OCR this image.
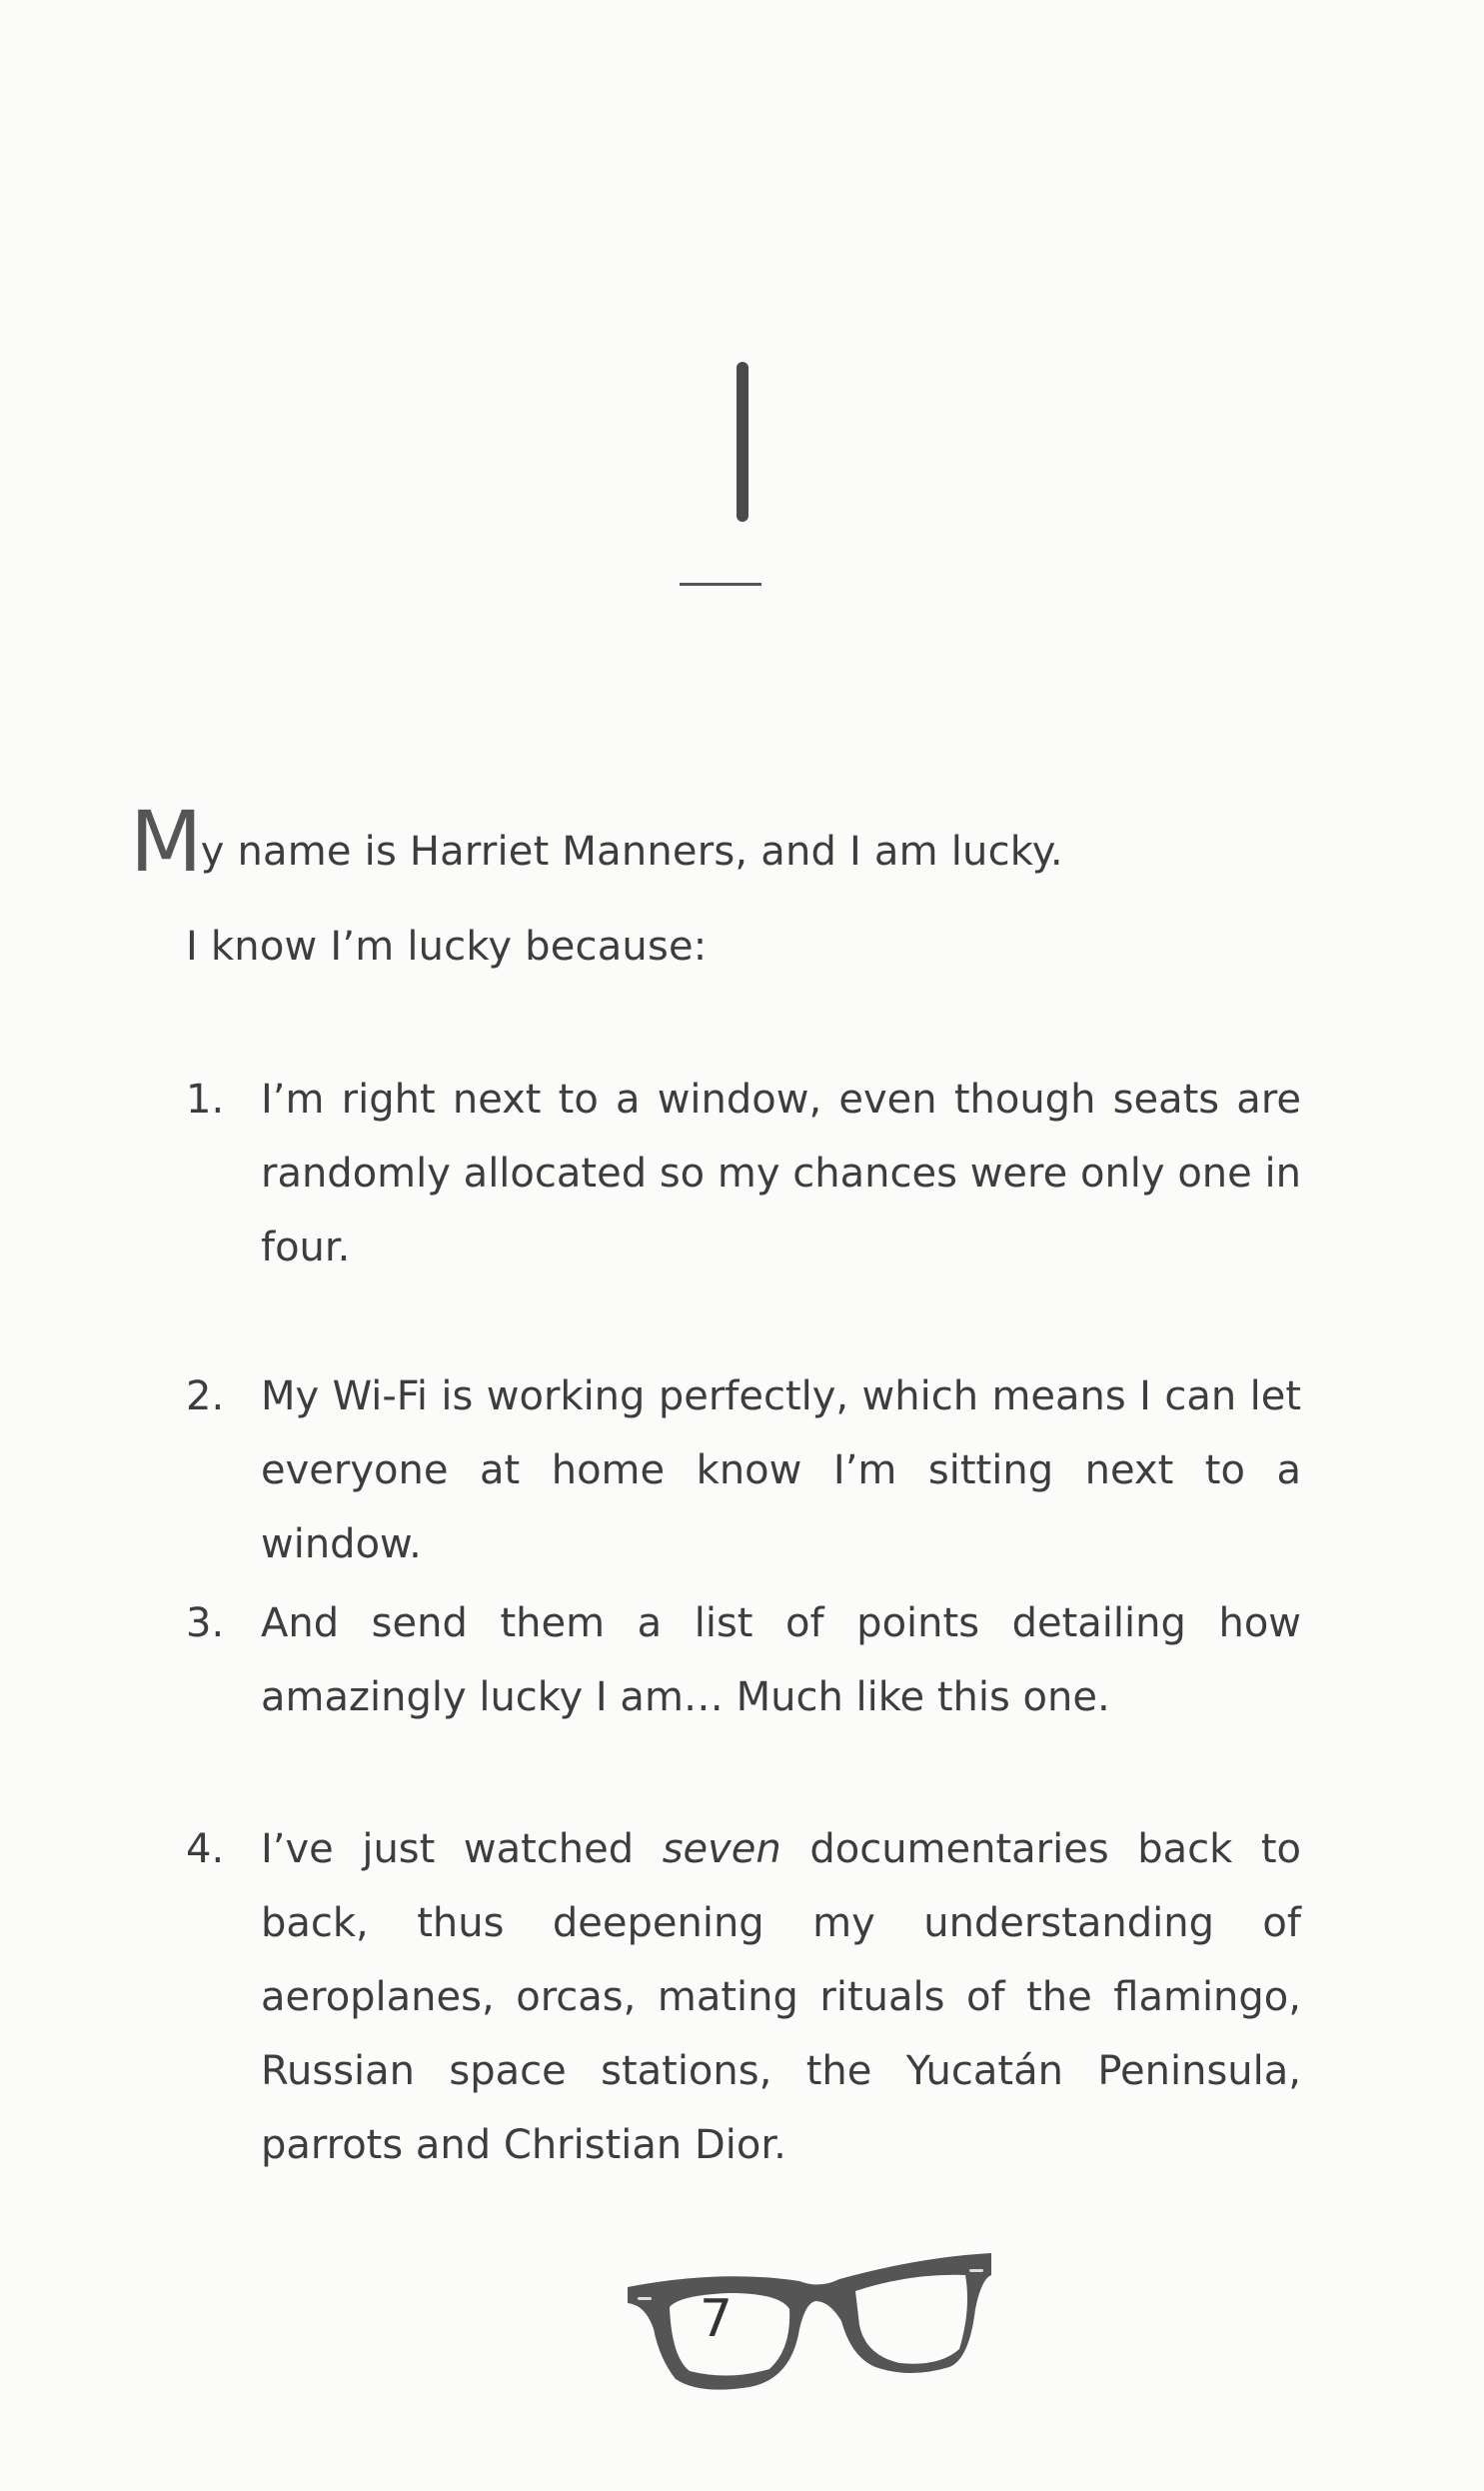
My name is Harriet Manners, and I am lucky.
I know I’m lucky because:
1. I’m right next to a window, even though seats are randomly allocated so my chances were only one in four.
2. My Wi-Fi is working perfectly, which means I can let everyone at home know I’m sitting next to a window.
3. And send them a list of points detailing how amazingly lucky I am… Much like this one.
4. I’ve just watched seven documentaries back to back, thus deepening my understanding of aeroplanes, orcas, mating rituals of the flamingo, Russian space stations, the Yucatán Peninsula, parrots and Christian Dior.
7
